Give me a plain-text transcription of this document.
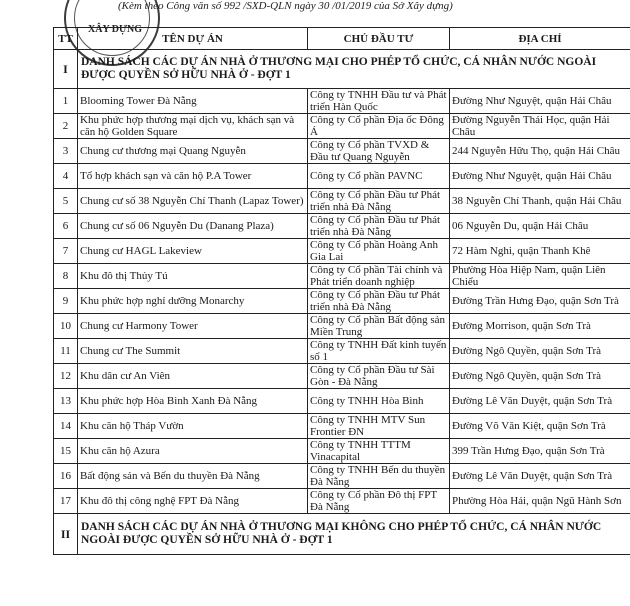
XÂY DỰNG
(Kèm theo Công văn số 992 /SXD-QLN ngày 30 /01/2019 của Sở Xây dựng)
TT	TÊN DỰ ÁN	CHỦ ĐẦU TƯ	ĐỊA CHỈ
I	DANH SÁCH CÁC DỰ ÁN NHÀ Ở THƯƠNG MẠI CHO PHÉP TỔ CHỨC, CÁ NHÂN NƯỚC NGOÀI ĐƯỢC QUYỀN SỞ HỮU NHÀ Ở - ĐỢT 1		
1	Blooming Tower Đà Nẵng	Công ty TNHH Đầu tư và Phát triển Hàn Quốc	Đường Như Nguyệt, quận Hải Châu
2	Khu phức hợp thương mại dịch vụ, khách sạn và căn hộ Golden Square	Công ty Cổ phần Địa ốc Đông Á	Đường Nguyễn Thái Học, quận Hải Châu
3	Chung cư thương mại Quang Nguyễn	Công ty Cổ phần TVXD & Đầu tư Quang Nguyễn	244 Nguyễn Hữu Thọ, quận Hải Châu
4	Tổ hợp khách sạn và căn hộ P.A Tower	Công ty Cổ phần PAVNC	Đường Như Nguyệt, quận Hải Châu
5	Chung cư số 38 Nguyễn Chí Thanh (Lapaz Tower)	Công ty Cổ phần Đầu tư Phát triển nhà Đà Nẵng	38 Nguyễn Chí Thanh, quận Hải Châu
6	Chung cư số 06 Nguyễn Du (Danang Plaza)	Công ty Cổ phần Đầu tư Phát triển nhà Đà Nẵng	06 Nguyễn Du, quận Hải Châu
7	Chung cư HAGL Lakeview	Công ty Cổ phần Hoàng Anh Gia Lai	72 Hàm Nghi, quận Thanh Khê
8	Khu đô thị Thủy Tú	Công ty Cổ phần Tài chính và Phát triển doanh nghiệp	Phường Hòa Hiệp Nam, quận Liên Chiểu
9	Khu phức hợp nghỉ dưỡng Monarchy	Công ty Cổ phần Đầu tư Phát triển nhà Đà Nẵng	Đường Trần Hưng Đạo, quận Sơn Trà
10	Chung cư Harmony Tower	Công ty Cổ phần Bất động sản Miền Trung	Đường Morrison, quận Sơn Trà
11	Chung cư The Summit	Công ty TNHH Đất kinh tuyến số 1	Đường Ngô Quyền, quận Sơn Trà
12	Khu dân cư An Viên	Công ty Cổ phần Đầu tư Sài Gòn - Đà Nẵng	Đường Ngô Quyền, quận Sơn Trà
13	Khu phức hợp Hòa Bình Xanh Đà Nẵng	Công ty TNHH Hòa Bình	Đường Lê Văn Duyệt, quận Sơn Trà
14	Khu căn hộ Tháp Vườn	Công ty TNHH MTV Sun Frontier ĐN	Đường Võ Văn Kiệt, quận Sơn Trà
15	Khu căn hộ Azura	Công ty TNHH TTTM Vinacapital	399 Trần Hưng Đạo, quận Sơn Trà
16	Bất động sản và Bến du thuyền Đà Nẵng	Công ty TNHH Bến du thuyền Đà Nẵng	Đường Lê Văn Duyệt, quận Sơn Trà
17	Khu đô thị công nghệ FPT Đà Nẵng	Công ty Cổ phần Đô thị FPT Đà Nẵng	Phường Hòa Hải, quận Ngũ Hành Sơn
II	DANH SÁCH CÁC DỰ ÁN NHÀ Ở THƯƠNG MẠI KHÔNG CHO PHÉP TỔ CHỨC, CÁ NHÂN NƯỚC NGOÀI ĐƯỢC QUYỀN SỞ HỮU NHÀ Ở - ĐỢT 1		
